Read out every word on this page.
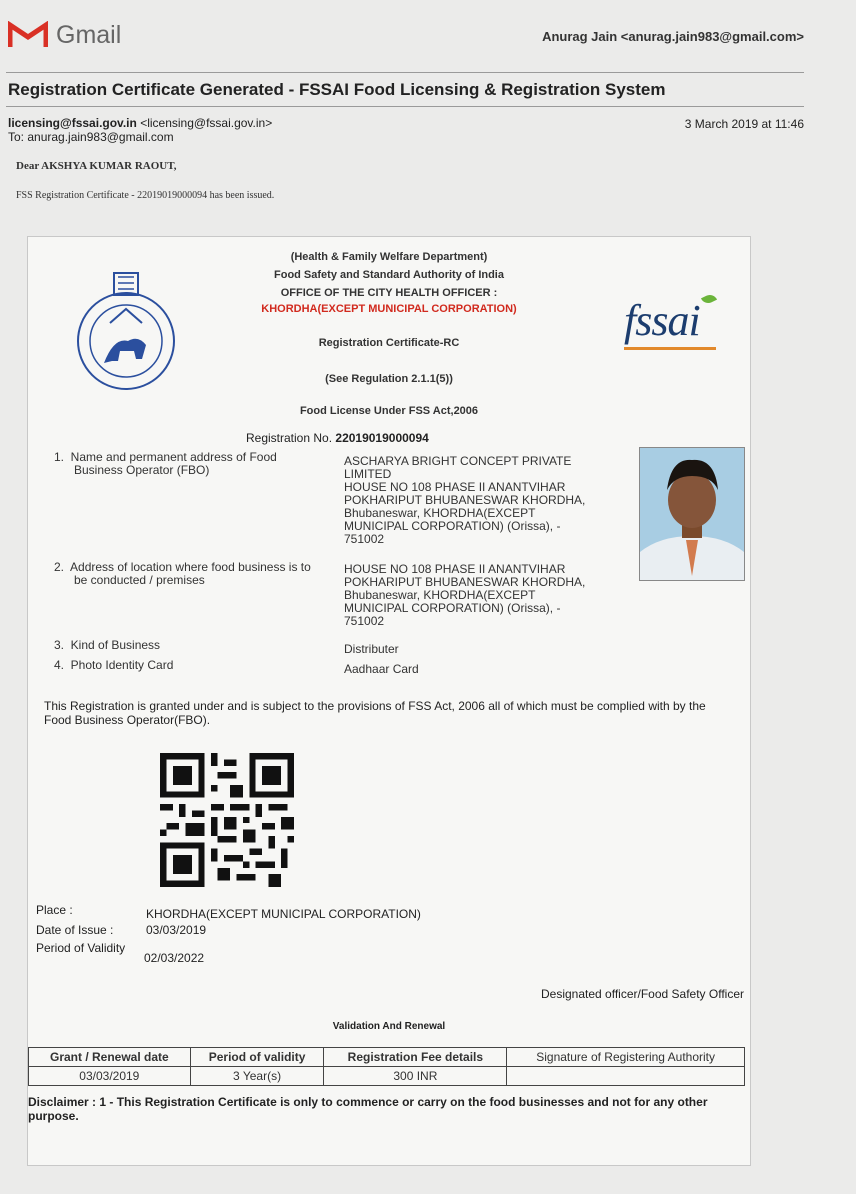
Gmail	Anurag Jain <anurag.jain983@gmail.com>
Registration Certificate Generated - FSSAI Food Licensing & Registration System
licensing@fssai.gov.in <licensing@fssai.gov.in>
To: anurag.jain983@gmail.com
3 March 2019 at 11:46
Dear AKSHYA KUMAR RAOUT,
FSS Registration Certificate - 22019019000094 has been issued.
(Health & Family Welfare Department)
Food Safety and Standard Authority of India
OFFICE OF THE CITY HEALTH OFFICER :
KHORDHA(EXCEPT MUNICIPAL CORPORATION)	fssai
Registration Certificate-RC
(See Regulation 2.1.1(5))
Food License Under FSS Act,2006
Registration No. 22019019000094
1.  Name and permanent address of Food
Business Operator (FBO)
ASCHARYA BRIGHT CONCEPT PRIVATE
LIMITED
HOUSE NO 108 PHASE II ANANTVIHAR
POKHARIPUT BHUBANESWAR KHORDHA,
Bhubaneswar, KHORDHA(EXCEPT
MUNICIPAL CORPORATION) (Orissa), -
751002
2.  Address of location where food business is to
be conducted / premises
HOUSE NO 108 PHASE II ANANTVIHAR
POKHARIPUT BHUBANESWAR KHORDHA,
Bhubaneswar, KHORDHA(EXCEPT
MUNICIPAL CORPORATION) (Orissa), -
751002
3.  Kind of Business	Distributer
4.  Photo Identity Card	Aadhaar Card
This Registration is granted under and is subject to the provisions of FSS Act, 2006 all of which must be complied with by the Food Business Operator(FBO).
Place :	KHORDHA(EXCEPT MUNICIPAL CORPORATION)
Date of Issue :	03/03/2019
Period of Validity
02/03/2022
Designated officer/Food Safety Officer
Validation And Renewal
Grant / Renewal date	Period of validity	Registration Fee details	Signature of Registering Authority
03/03/2019	3 Year(s)	300 INR	
Disclaimer : 1 - This Registration Certificate is only to commence or carry on the food businesses and not for any other purpose.
